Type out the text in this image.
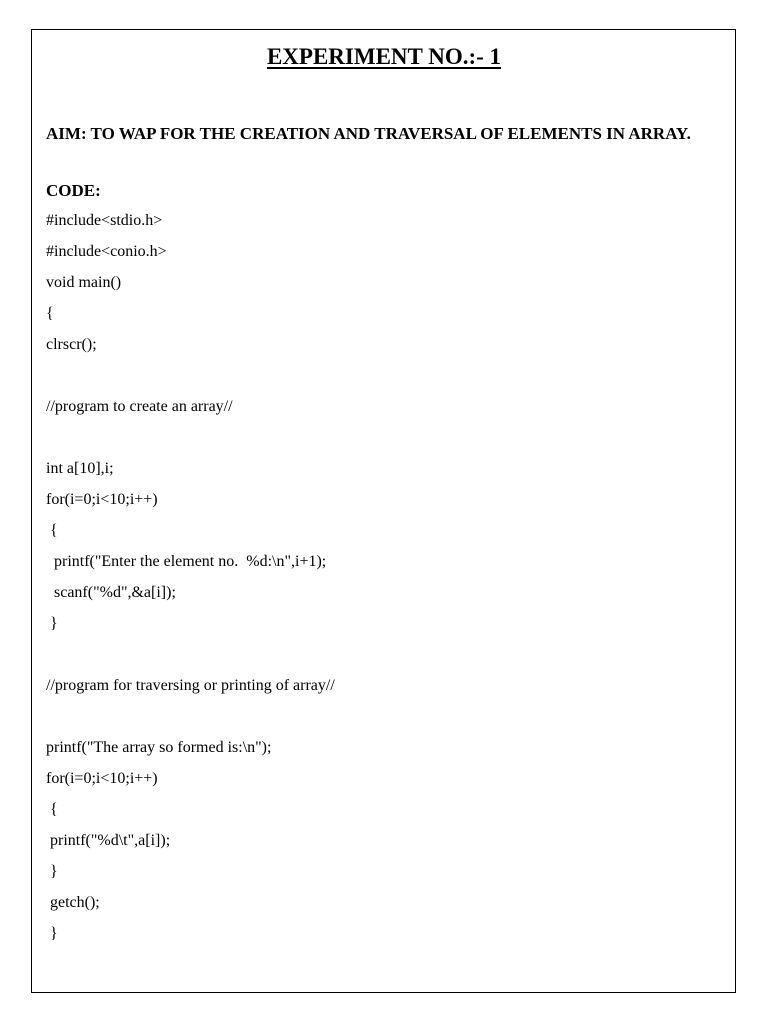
EXPERIMENT NO.:- 1

AIM: TO WAP FOR THE CREATION AND TRAVERSAL OF ELEMENTS IN ARRAY.

CODE:

#include<stdio.h>
#include<conio.h>
void main()
{
clrscr();
//program to create an array//
int a[10],i;
for(i=0;i<10;i++)
{
printf("Enter the element no.  %d:\n",i+1);
scanf("%d",&a[i]);
}
//program for traversing or printing of array//
printf("The array so formed is:\n");
for(i=0;i<10;i++)
{
printf("%d\t",a[i]);
}
getch();
}
